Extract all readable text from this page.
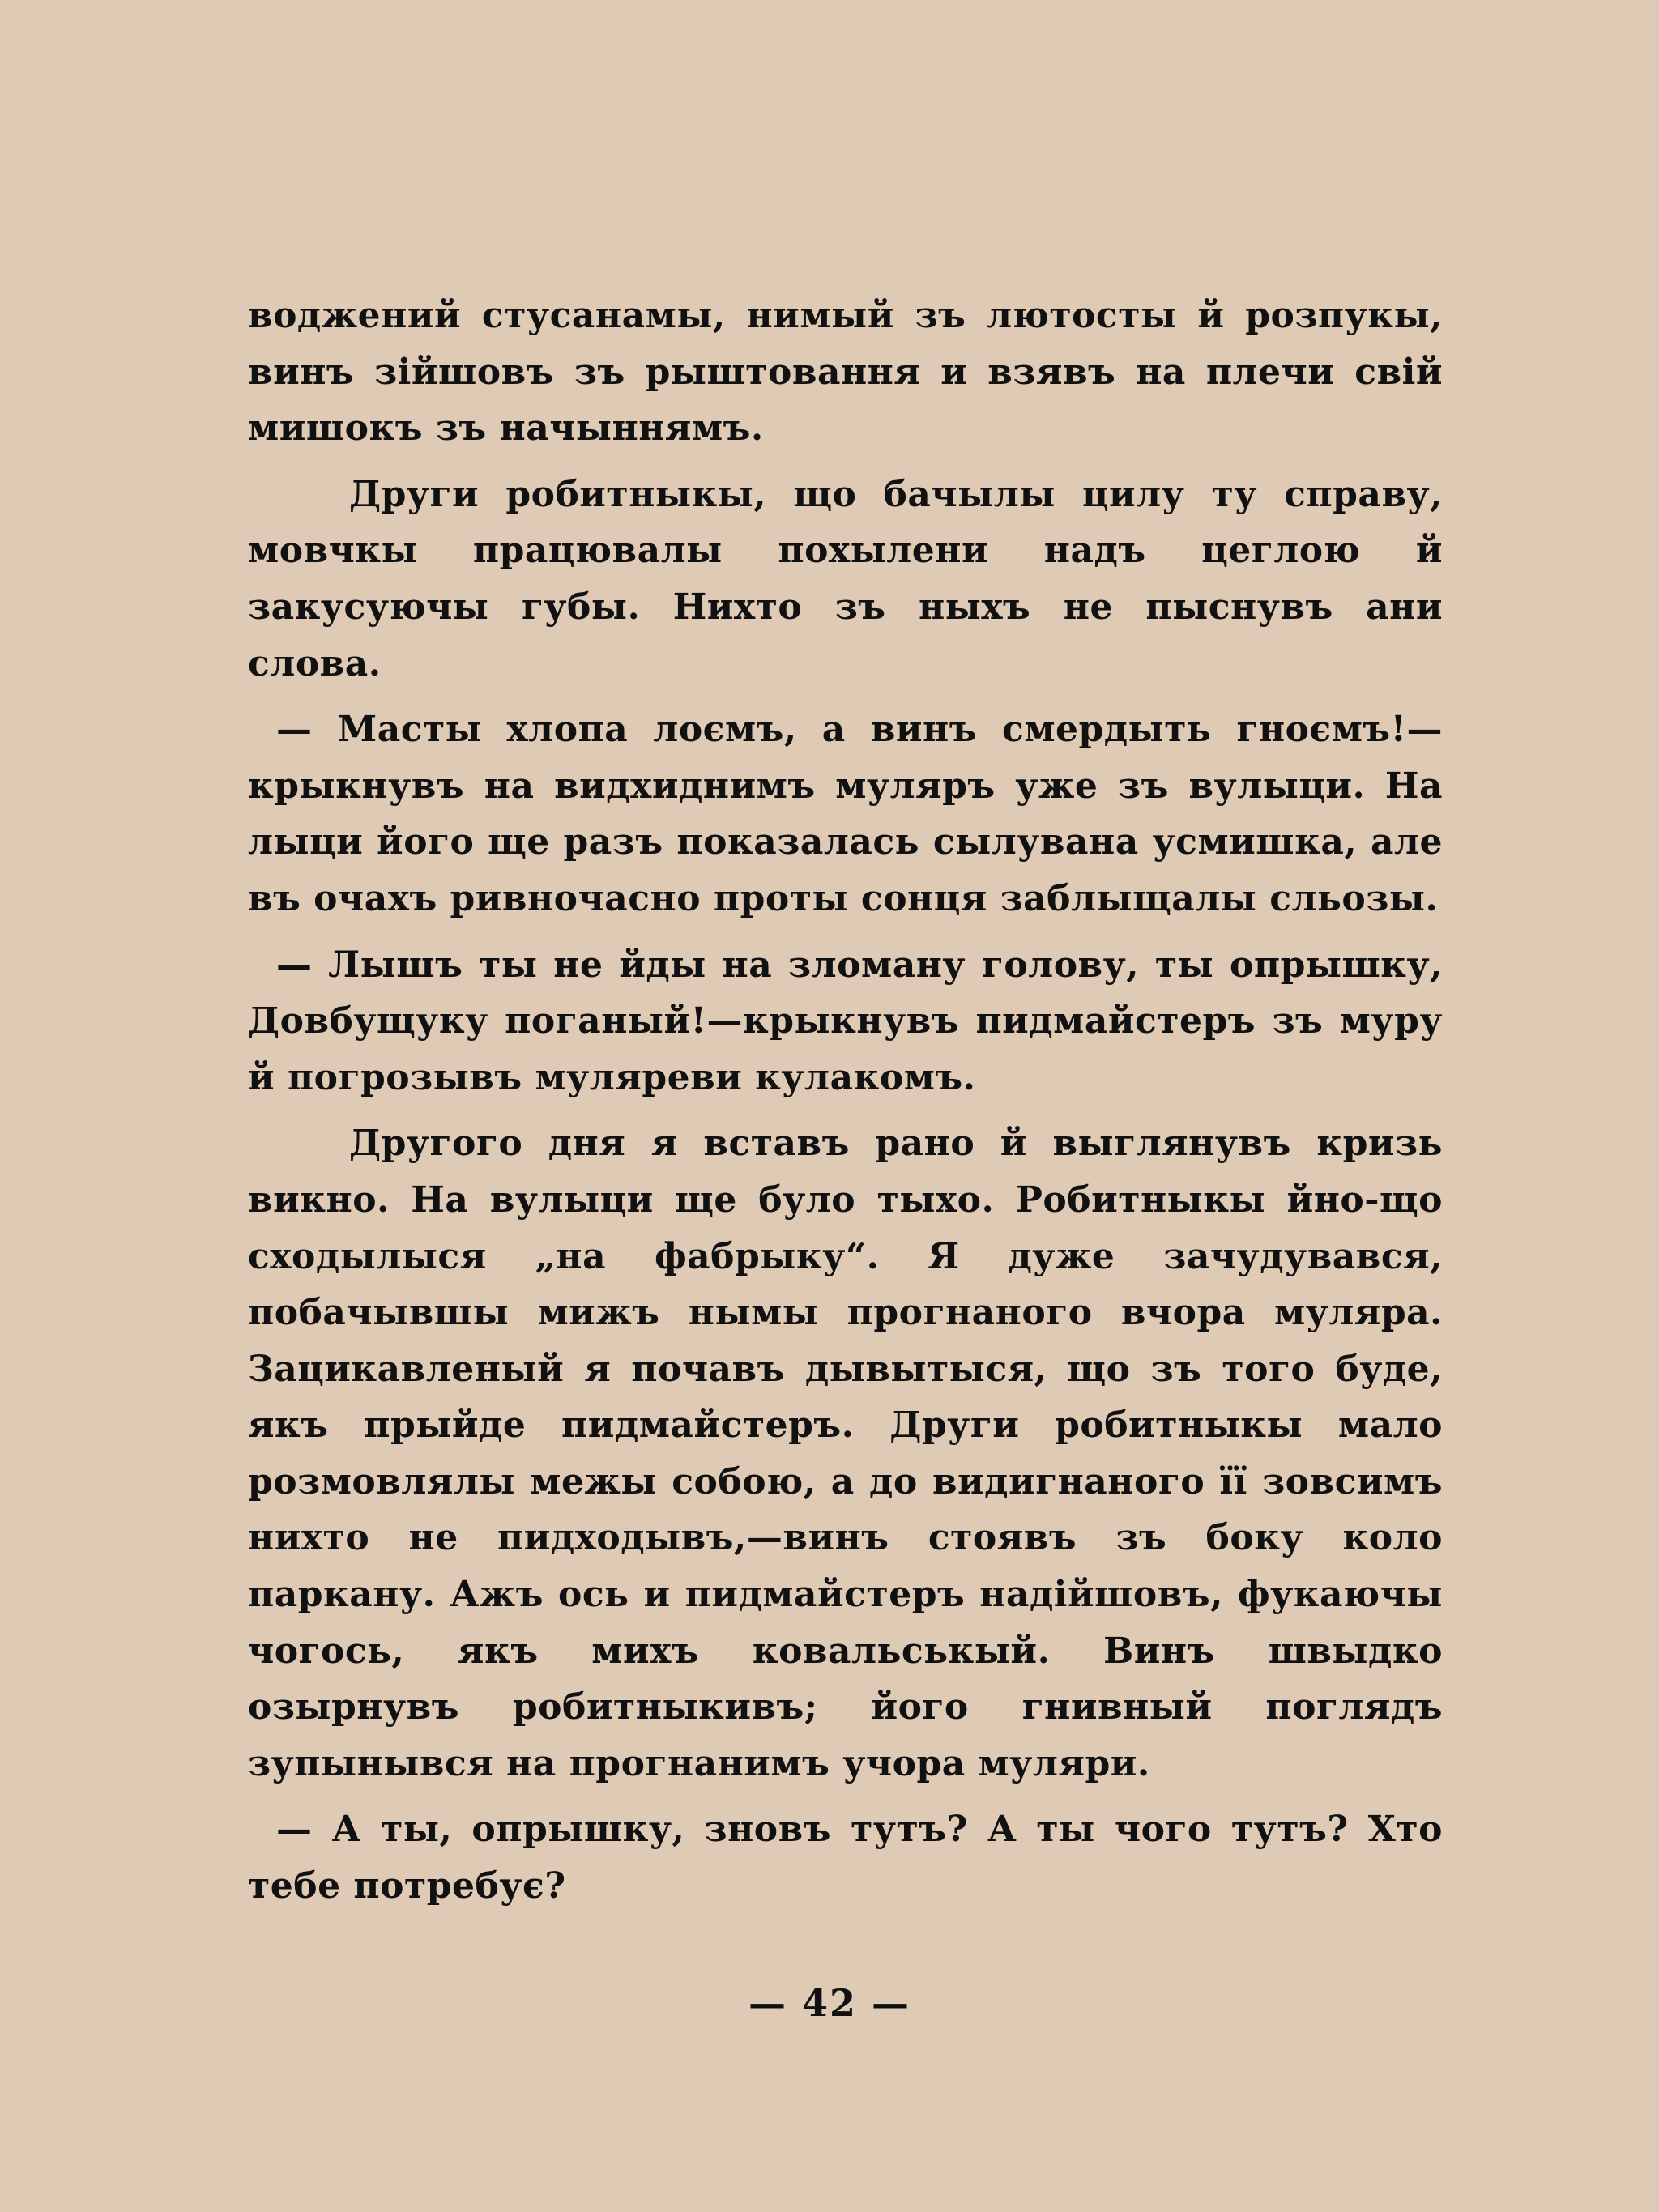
воджений стусанамы, нимый зъ лютосты й розпукы, винъ зійшовъ зъ рыштовання и взявъ на плечи свій мишокъ зъ начыннямъ.

Други робитныкы, що бачылы цилу ту справу, мовчкы працювалы похылени надъ цеглою й закусуючы губы. Нихто зъ ныхъ не пыснувъ ани слова.

— Масты хлопа лоємъ, а винъ смердыть гноємъ!— крыкнувъ на видхиднимъ муляръ уже зъ вулыци. На лыци його ще разъ показалась сылувана усмишка, але въ очахъ ривночасно проты сонця заблыщалы сльозы.

— Лышъ ты не йды на зломану голову, ты опрышку, Довбущуку поганый!—крыкнувъ пидмайстеръ зъ муру й погрозывъ муляреви кулакомъ.

Другого дня я вставъ рано й выглянувъ кризь викно. На вулыци ще було тыхо. Робитныкы йно-що сходылыся „на фабрыку“. Я дуже зачудувався, побачывшы мижъ нымы прогнаного вчора муляра. Зацикавленый я почавъ дывытыся, що зъ того буде, якъ прыйде пидмайстеръ. Други робитныкы мало розмовлялы межы собою, а до видигнаного її зовсимъ нихто не пидходывъ,—винъ стоявъ зъ боку коло паркану. Ажъ ось и пидмайстеръ надійшовъ, фукаючы чогось, якъ михъ ковальськый. Винъ швыдко озырнувъ робитныкивъ; його гнивный поглядъ зупынывся на прогнанимъ учора муляри.

— А ты, опрышку, зновъ тутъ? А ты чого тутъ? Хто тебе потребує?

— 42 —
